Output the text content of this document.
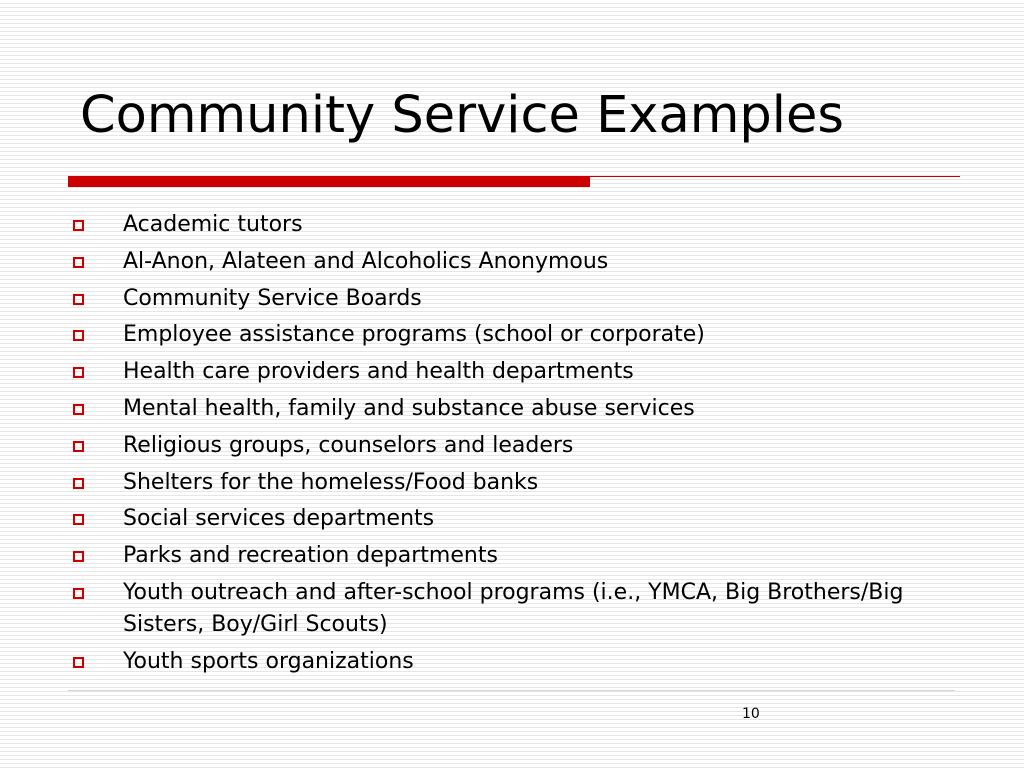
Community Service Examples
Academic tutors
Al-Anon, Alateen and Alcoholics Anonymous
Community Service Boards
Employee assistance programs (school or corporate)
Health care providers and health departments
Mental health, family and substance abuse services
Religious groups, counselors and leaders
Shelters for the homeless/Food banks
Social services departments
Parks and recreation departments
Youth outreach and after-school programs (i.e., YMCA, Big Brothers/Big Sisters, Boy/Girl Scouts)
Youth sports organizations
10
